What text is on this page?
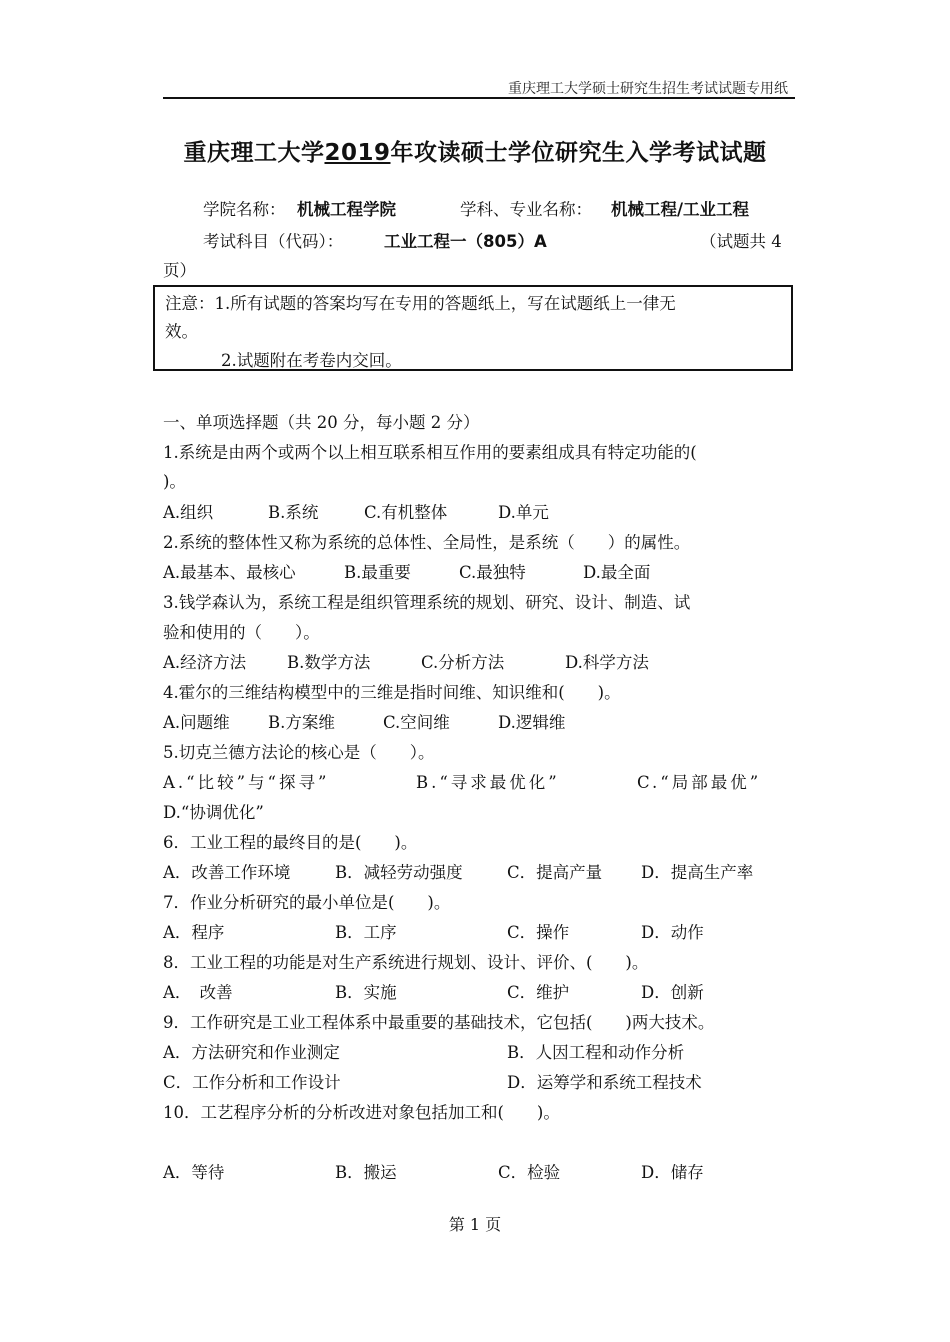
重庆理工大学硕士研究生招生考试试题专用纸
重庆理工大学2019年攻读硕士学位研究生入学考试试题
学院名称： 机械工程学院	学科、专业名称： 机械工程/工业工程
考试科目（代码）： 工业工程一（805）A	（试题共 4
页）
注意：1.所有试题的答案均写在专用的答题纸上，写在试题纸上一律无
效。
2.试题附在考卷内交回。
一、单项选择题（共 20 分，每小题 2 分）
1.系统是由两个或两个以上相互联系相互作用的要素组成具有特定功能的(
)。
A.组织	B.系统	C.有机整体	D.单元
2.系统的整体性又称为系统的总体性、全局性，是系统（　　）的属性。
A.最基本、最核心	B.最重要	C.最独特	D.最全面
3.钱学森认为，系统工程是组织管理系统的规划、研究、设计、制造、试
验和使用的（　　）。
A.经济方法 B.数学方法	C.分析方法	D.科学方法
4.霍尔的三维结构模型中的三维是指时间维、知识维和(　　)。
A.问题维 B.方案维	C.空间维	D.逻辑维
5.切克兰德方法论的核心是（　　）。
A.“比较”与“探寻”	B.“寻求最优化”	C.“局部最优”
D.“协调优化”
6．工业工程的最终目的是(　　)。
A．改善工作环境	B．减轻劳动强度	C．提高产量 D．提高生产率
7．作业分析研究的最小单位是(　　)。
A．程序	B．工序	C．操作	D．动作
8．工业工程的功能是对生产系统进行规划、设计、评价、(　　)。
A．　改善	B．实施	C．维护	D．创新
9．工作研究是工业工程体系中最重要的基础技术，它包括(　　)两大技术。
A．方法研究和作业测定	B．人因工程和动作分析
C．工作分析和工作设计	D．运筹学和系统工程技术
10．工艺程序分析的分析改进对象包括加工和(　　)。
A．等待	B．搬运	C．检验	D．储存
第 1 页
